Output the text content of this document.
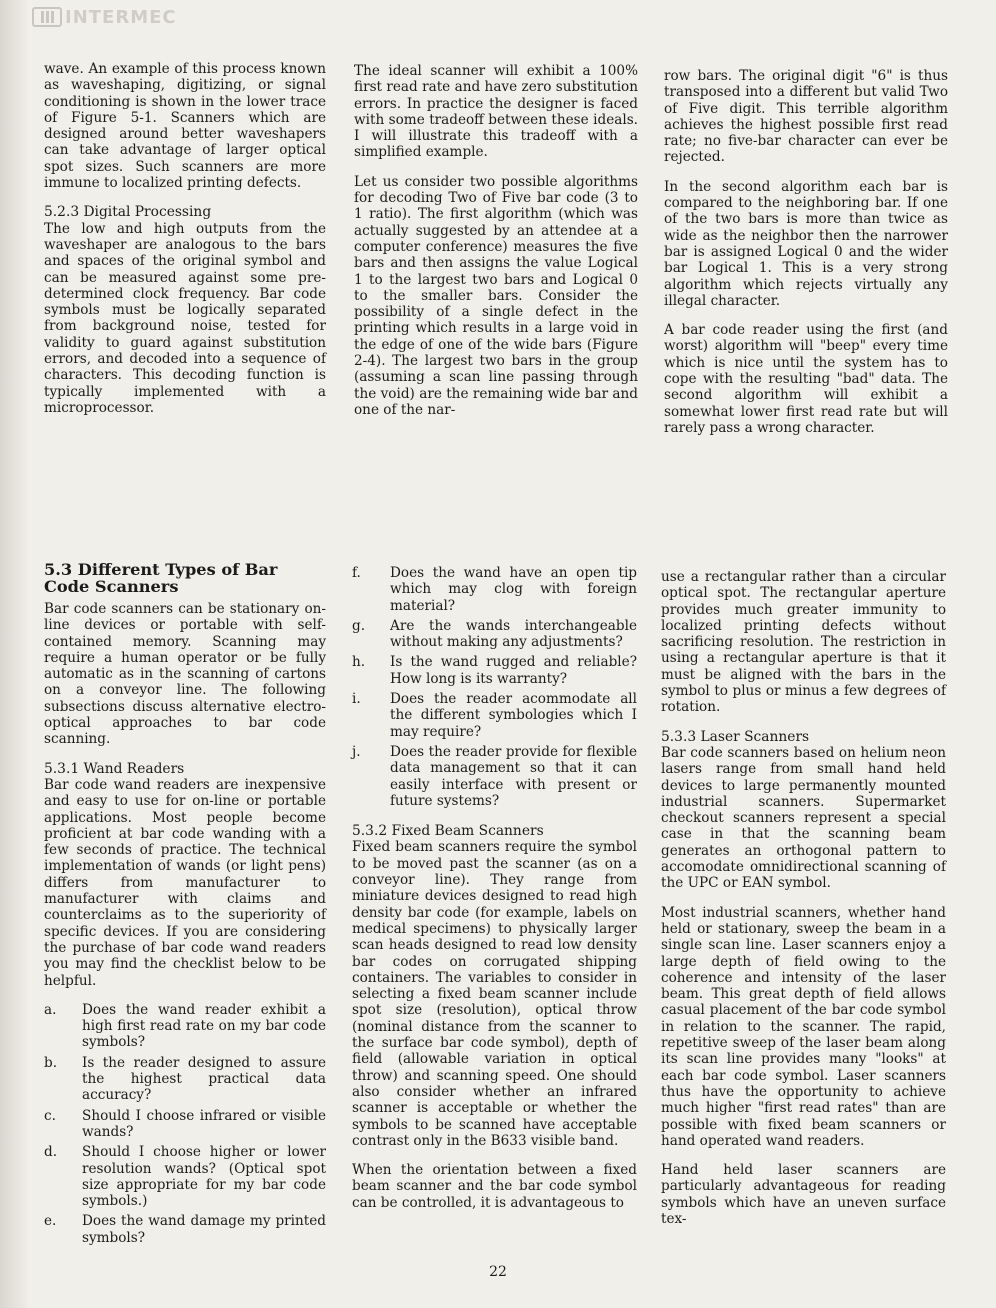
INTERMEC

wave. An example of this process known as waveshaping, digitizing, or signal conditioning is shown in the lower trace of Figure 5-1. Scanners which are designed around better waveshapers can take advantage of larger optical spot sizes. Such scanners are more immune to localized printing defects.

5.2.3 Digital Processing

The low and high outputs from the waveshaper are analogous to the bars and spaces of the original symbol and can be measured against some pre-determined clock frequency. Bar code symbols must be logically separated from background noise, tested for validity to guard against substitution errors, and decoded into a sequence of characters. This decoding function is typically implemented with a microprocessor.

The ideal scanner will exhibit a 100% first read rate and have zero substitution errors. In practice the designer is faced with some tradeoff between these ideals. I will illustrate this tradeoff with a simplified example.

Let us consider two possible algorithms for decoding Two of Five bar code (3 to 1 ratio). The first algorithm (which was actually suggested by an attendee at a computer conference) measures the five bars and then assigns the value Logical 1 to the largest two bars and Logical 0 to the smaller bars. Consider the possibility of a single defect in the printing which results in a large void in the edge of one of the wide bars (Figure 2-4). The largest two bars in the group (assuming a scan line passing through the void) are the remaining wide bar and one of the nar-

row bars. The original digit "6" is thus transposed into a different but valid Two of Five digit. This terrible algorithm achieves the highest possible first read rate; no five-bar character can ever be rejected.

In the second algorithm each bar is compared to the neighboring bar. If one of the two bars is more than twice as wide as the neighbor then the narrower bar is assigned Logical 0 and the wider bar Logical 1. This is a very strong algorithm which rejects virtually any illegal character.

A bar code reader using the first (and worst) algorithm will "beep" every time which is nice until the system has to cope with the resulting "bad" data. The second algorithm will exhibit a somewhat lower first read rate but will rarely pass a wrong character.

5.3 Different Types of Bar Code Scanners

Bar code scanners can be stationary on-line devices or portable with self-contained memory. Scanning may require a human operator or be fully automatic as in the scanning of cartons on a conveyor line. The following subsections discuss alternative electro-optical approaches to bar code scanning.

5.3.1 Wand Readers

Bar code wand readers are inexpensive and easy to use for on-line or portable applications. Most people become proficient at bar code wanding with a few seconds of practice. The technical implementation of wands (or light pens) differs from manufacturer to manufacturer with claims and counterclaims as to the superiority of specific devices. If you are considering the purchase of bar code wand readers you may find the checklist below to be helpful.

a.	Does the wand reader exhibit a high first read rate on my bar code symbols?
b.	Is the reader designed to assure the highest practical data accuracy?
c.	Should I choose infrared or visible wands?
d.	Should I choose higher or lower resolution wands? (Optical spot size appropriate for my bar code symbols.)
e.	Does the wand damage my printed symbols?
f.	Does the wand have an open tip which may clog with foreign material?
g.	Are the wands interchangeable without making any adjustments?
h.	Is the wand rugged and reliable? How long is its warranty?
i.	Does the reader acommodate all the different symbologies which I may require?
j.	Does the reader provide for flexible data management so that it can easily interface with present or future systems?
5.3.2 Fixed Beam Scanners

Fixed beam scanners require the symbol to be moved past the scanner (as on a conveyor line). They range from miniature devices designed to read high density bar code (for example, labels on medical specimens) to physically larger scan heads designed to read low density bar codes on corrugated shipping containers. The variables to consider in selecting a fixed beam scanner include spot size (resolution), optical throw (nominal distance from the scanner to the surface bar code symbol), depth of field (allowable variation in optical throw) and scanning speed. One should also consider whether an infrared scanner is acceptable or whether the symbols to be scanned have acceptable contrast only in the B633 visible band.

When the orientation between a fixed beam scanner and the bar code symbol can be controlled, it is advantageous to

use a rectangular rather than a circular optical spot. The rectangular aperture provides much greater immunity to localized printing defects without sacrificing resolution. The restriction in using a rectangular aperture is that it must be aligned with the bars in the symbol to plus or minus a few degrees of rotation.

5.3.3 Laser Scanners

Bar code scanners based on helium neon lasers range from small hand held devices to large permanently mounted industrial scanners. Supermarket checkout scanners represent a special case in that the scanning beam generates an orthogonal pattern to accomodate omnidirectional scanning of the UPC or EAN symbol.

Most industrial scanners, whether hand held or stationary, sweep the beam in a single scan line. Laser scanners enjoy a large depth of field owing to the coherence and intensity of the laser beam. This great depth of field allows casual placement of the bar code symbol in relation to the scanner. The rapid, repetitive sweep of the laser beam along its scan line provides many "looks" at each bar code symbol. Laser scanners thus have the opportunity to achieve much higher "first read rates" than are possible with fixed beam scanners or hand operated wand readers.

Hand held laser scanners are particularly advantageous for reading symbols which have an uneven surface tex-

22
